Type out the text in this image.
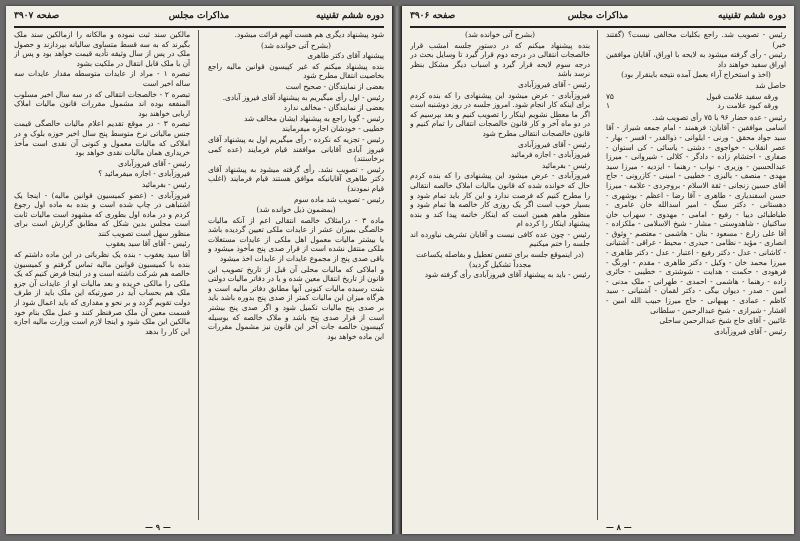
دوره ششم تقنینیه
مذاکرات مجلس
صفحه ۳۹۰۷

شود پیشنهاد دیگری هم هست آنهم قرائت میشود.

(بشرح آتی خوانده شد)

پیشنهاد آقای دکتر طاهری

بنده پیشنهاد میکنم که غیر کپیسون قوانین مالیه راجع بخاصیت انتقال مطرح شود

بعضی از نمایندگان - صحیح است

رئیس - اول رأی میگیریم به پیشنهاد آقای فیروز آبادی.

بعضی از نمایندگان - مخالف ندارد

رئیس - گویا راجع به پیشنهاد ایشان مخالف شد

خطیبی - خودشان اجازه میفرمایند

رئیس - تجزیه که نکرده - رأی میگیریم اول به پیشنهاد آقای فیروز آبادی آقایانی موافقند قیام فرمایند (عده کمی برخاستند)

رئیس - تصویب نشد. رأی گرفته میشود به پیشنهاد آقای دکتر طاهری آقایانیکه موافق هستند قیام فرمایند (اغلب قیام نمودند)

رئیس - تصویب شد ماده سوم

(بمضمون ذیل خوانده شد)

ماده ۳ - درامثلاک خالصه انتقالی اعم از آنکه مالیات خالصگی بمیزان عشر از عایدات ملکی تعیین گردیده باشد یا بیشتر مالیات معمول اهل ملکی از عایدات مستغلات ملکی منتقل نشده است از قرار صدی پنج مأخوذ میشود و باقی صدی پنج از مجموع عایدات از عایدات اخذ میشود

و املاکی که مالیات محلی آن قبل از تاریخ تصویب این قانون از تاریخ انتقال معین شده و یا در دفاتر مالیات دولتی بثبت رسیده مالیات کنونی آنها مطابق دفاتر مالیه است و هرگاه میزان این مالیات کمتر از صدی پنج بدوره باشد باید بر صدی پنج مالیات تکمیل شود و اگر صدی پنج بیشتر است از قرار صدی پنج باشد و ملاک خالصه که بوسیله کپیسون خالصه جات آخر این قانون نیز مشمول مقررات این ماده خواهد بود

مالکین سند ثبت نموده و مالکانه را ازمالکین سند ملک بگیرند که به سه قسط متساوی سالیانه بپردازند و حصول ملک در پس از سال وثیقه تأدیه قیمت خواهد بود و پس از آن با ملک قابل انتقال در ملکیت بشود

تبصره ۱ - مراد از عایدات متوسطه مقدار عایدات سه ساله اخیر است

تبصره ۲ - خالصجات انتقالی که در سه سال اخیر مسلوب المنفعه بوده اند مشمول مقررات قانون مالیات املاک اربابی خواهند بود

تبصره ۳ - در موقع تقدیم اعلام مالیات خالصگی قیمت جنس مالیاتی نرخ متوسط پنج سال اخیر حوزه بلوک و در املاکی که مالیات معمول و کنونی آن نقدی است مأخذ خریداری همان مالیات نقدی خواهد بود

رئیس - آقای فیروزآبادی

فیروزآبادی - اجازه میفرمائید ؟

رئیس - بفرمائید

فیروزآبادی - (عضو کمیسیون قوانین مالیه) - اینجا یک اشتباهی در چاپ شده است و بنده به ماده اول رجوع کردم و در ماده اول بطوری که مشهود است مالیات ثابت است مجلس بدین شکل که مطابق گزارش است برای منظور سهل است تصویب کنند

رئیس - آقای آقا سید یعقوب

آقا سید یعقوب - بنده یک نظرباتی در این ماده داشتم که بنده با کمیسیون قوانین مالیه تماس گرفتم و کمیسیون خالصه هم شرکت داشته است و در اینجا فرض کنیم که یک ملکی را مالکی خریده و بعد مالیات او از عایدات آن جزو ملک هم بحساب آید در صورتیکه این ملک باید از طرف دولت تقویم گردد و بر نحو و مقداری که باید اعمال شود از قسمت معین آن ملک صرفنظر کنند و عمل ملک بنام خود مالکین این ملک شود و اینجا لازم است وزارت مالیه اجازه این کار را بدهد

— ۹ —
دوره ششم تقنینیه
مذاکرات مجلس
صفحه ۳۹۰۶

رئیس - تصویب شد. راجع بکلیات مخالفی نیست؟ (گفتند خیر)

رئیس - رأی گرفته میشود به لایحه با اوراق، آقایان موافقین اوراق سفید خواهند داد

(اخذ و استخراج آراء بعمل آمده نتیجه باینقرار بود)

حاصل شد

ورقه سفید علامت قبول
۷۵
ورقه کبود علامت رد
۱

رئیس - عده حضار ۹۶ با ۷۵ رأی تصویب شد.

اسامی موافقین - آقایان: فرهمند - امام جمعه شیراز - آقا سید جواد محقق - ورنی - ایلوانی - ذوالقدر - افسر - بهار - عصر انقلاب - خواجوی - دشتی - یاسائی - کی استوان - صفاری - احتشام زاده - دادگر - کلالی - شیروانی - میرزا عبدالحسین - وزیری - نواب - رهنما - ایزدیه - میرزا سید مهدی - منصف - بالیزی - خطیبی - امینی - کازرونی - حاج آقای حسین زنجانی - ثقة الاسلام - بروجردی - علامه - میرزا حسن اسفندیاری - طاهری - آقا رضا - اعظم - بوشهری - دهستانی - دکتر سنگ - امیر اسدالله خان عامری - طباطبائی دیبا - رفیع - امامی - مهدوی - سهراب خان ساکنیان - شاهدوستی - مشار - شیخ الاسلامی - ملکزاده - آقا علی زارع - مسعود - بنان - هاشمی - معتصم - وثوق - انصاری - مؤید - نظامی - حیدری - محیط - عراقی - آشتیانی - کاشانی - عدل - دکتر رفیع - اعتبار - عدل - دکتر طاهری - میرزا محمد خان - وکیل - دکتر طاهری - مقدم - اورنگ - فرهودی - حکمت - هدایت - شوشتری - خطیبی - حائری زاده - رهنما - هاشمی - احمدی - طهرانی - ملک مدنی - امین - صدر - دیوان بیگی - دکتر لقمان - آشتیانی - سید کاظم - عمادی - بهبهانی - حاج میرزا حبیب الله امین - افشار - شیرازی - شیخ عبدالرحمن - سلطانی

غائبین - آقای حاج شیخ عبدالرحمن ساحلی

رئیس - آقای فیروزآبادی

(بشرح آتی خوانده شد)

بنده پیشنهاد میکنم که در دستور جلسه امشب قرار خالصجات انتقالی در درجه دوم قرار گیرد تا وسایل بحث در درجه سوم لایحه قرار گیرد و اسباب دیگر مشکل بنظر نرسد باشد

رئیس - آقای فیروزآبادی

فیروزآبادی - عرض میشود این پیشنهادی را که بنده کردم برای اینکه کار انجام شود. امروز جلسه در روز دوشنبه است اگر ما معطل نشویم اینکار را تصویب کنیم و بعد بپرسیم که در دو ماه آخر و کار قانون خالصجات انتقالی را تمام کنیم و قانون خالصجات انتقالی مطرح شود

رئیس - آقای فیروزآبادی

فیروزآبادی - اجازه فرمائید

رئیس - بفرمائید

فیروزآبادی - عرض میشود این پیشنهادی را که بنده کردم حال که خوانده شده که قانون مالیات املاک خالصه انتقالی را مطرح کنیم که فرصت ندارد و این کار باید تمام شود و بسیار خوب است اگر یک روزی کار خالصه ها تمام شود و منظور ماهم همین است که اینکار خاتمه پیدا کند و بنده پیشنهاد اینکار را کرده ام

رئیس - چون عده کافی نیست و آقایان تشریف نیاورده اند جلسه را ختم میکنیم

(در اینموقع جلسه برای تنفس تعطیل و بفاصله یکساعت مجدداً تشکیل گردید)

رئیس - باید به پیشنهاد آقای فیروزآبادی رأی گرفته شود

— ۸ —
